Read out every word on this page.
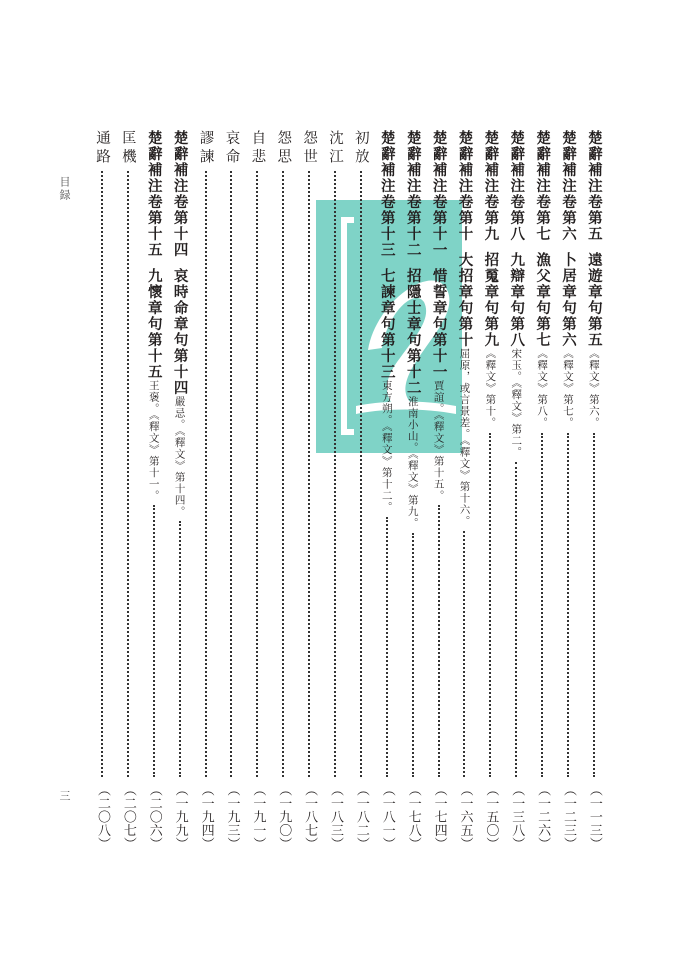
目録
三
楚辭補注卷第五遠遊章句第五《釋文》第六。
（一一三）
楚辭補注卷第六卜居章句第六《釋文》第七。
（一二三）
楚辭補注卷第七漁父章句第七《釋文》第八。
（一二六）
楚辭補注卷第八九辯章句第八宋玉。《釋文》第二。
（一三八）
楚辭補注卷第九招䰟章句第九《釋文》第十。
（一五〇）
楚辭補注卷第十大招章句第十屈原，或言景差。《釋文》第十六。
（一六五）
楚辭補注卷第十一惜誓章句第十一賈誼。《釋文》第十五。
（一七四）
楚辭補注卷第十二招隱士章句第十二淮南小山。《釋文》第九。
（一七八）
楚辭補注卷第十三七諫章句第十三東方朔。《釋文》第十二。
（一八一）
初放
（一八二）
沈江
（一八三）
怨世
（一八七）
怨思
（一九〇）
自悲
（一九一）
哀命
（一九三）
謬諫
（一九四）
楚辭補注卷第十四哀時命章句第十四嚴忌。《釋文》第十四。
（一九九）
楚辭補注卷第十五九懷章句第十五王褒。《釋文》第十一。
（二〇六）
匡機
（二〇七）
通路
（二〇八）
